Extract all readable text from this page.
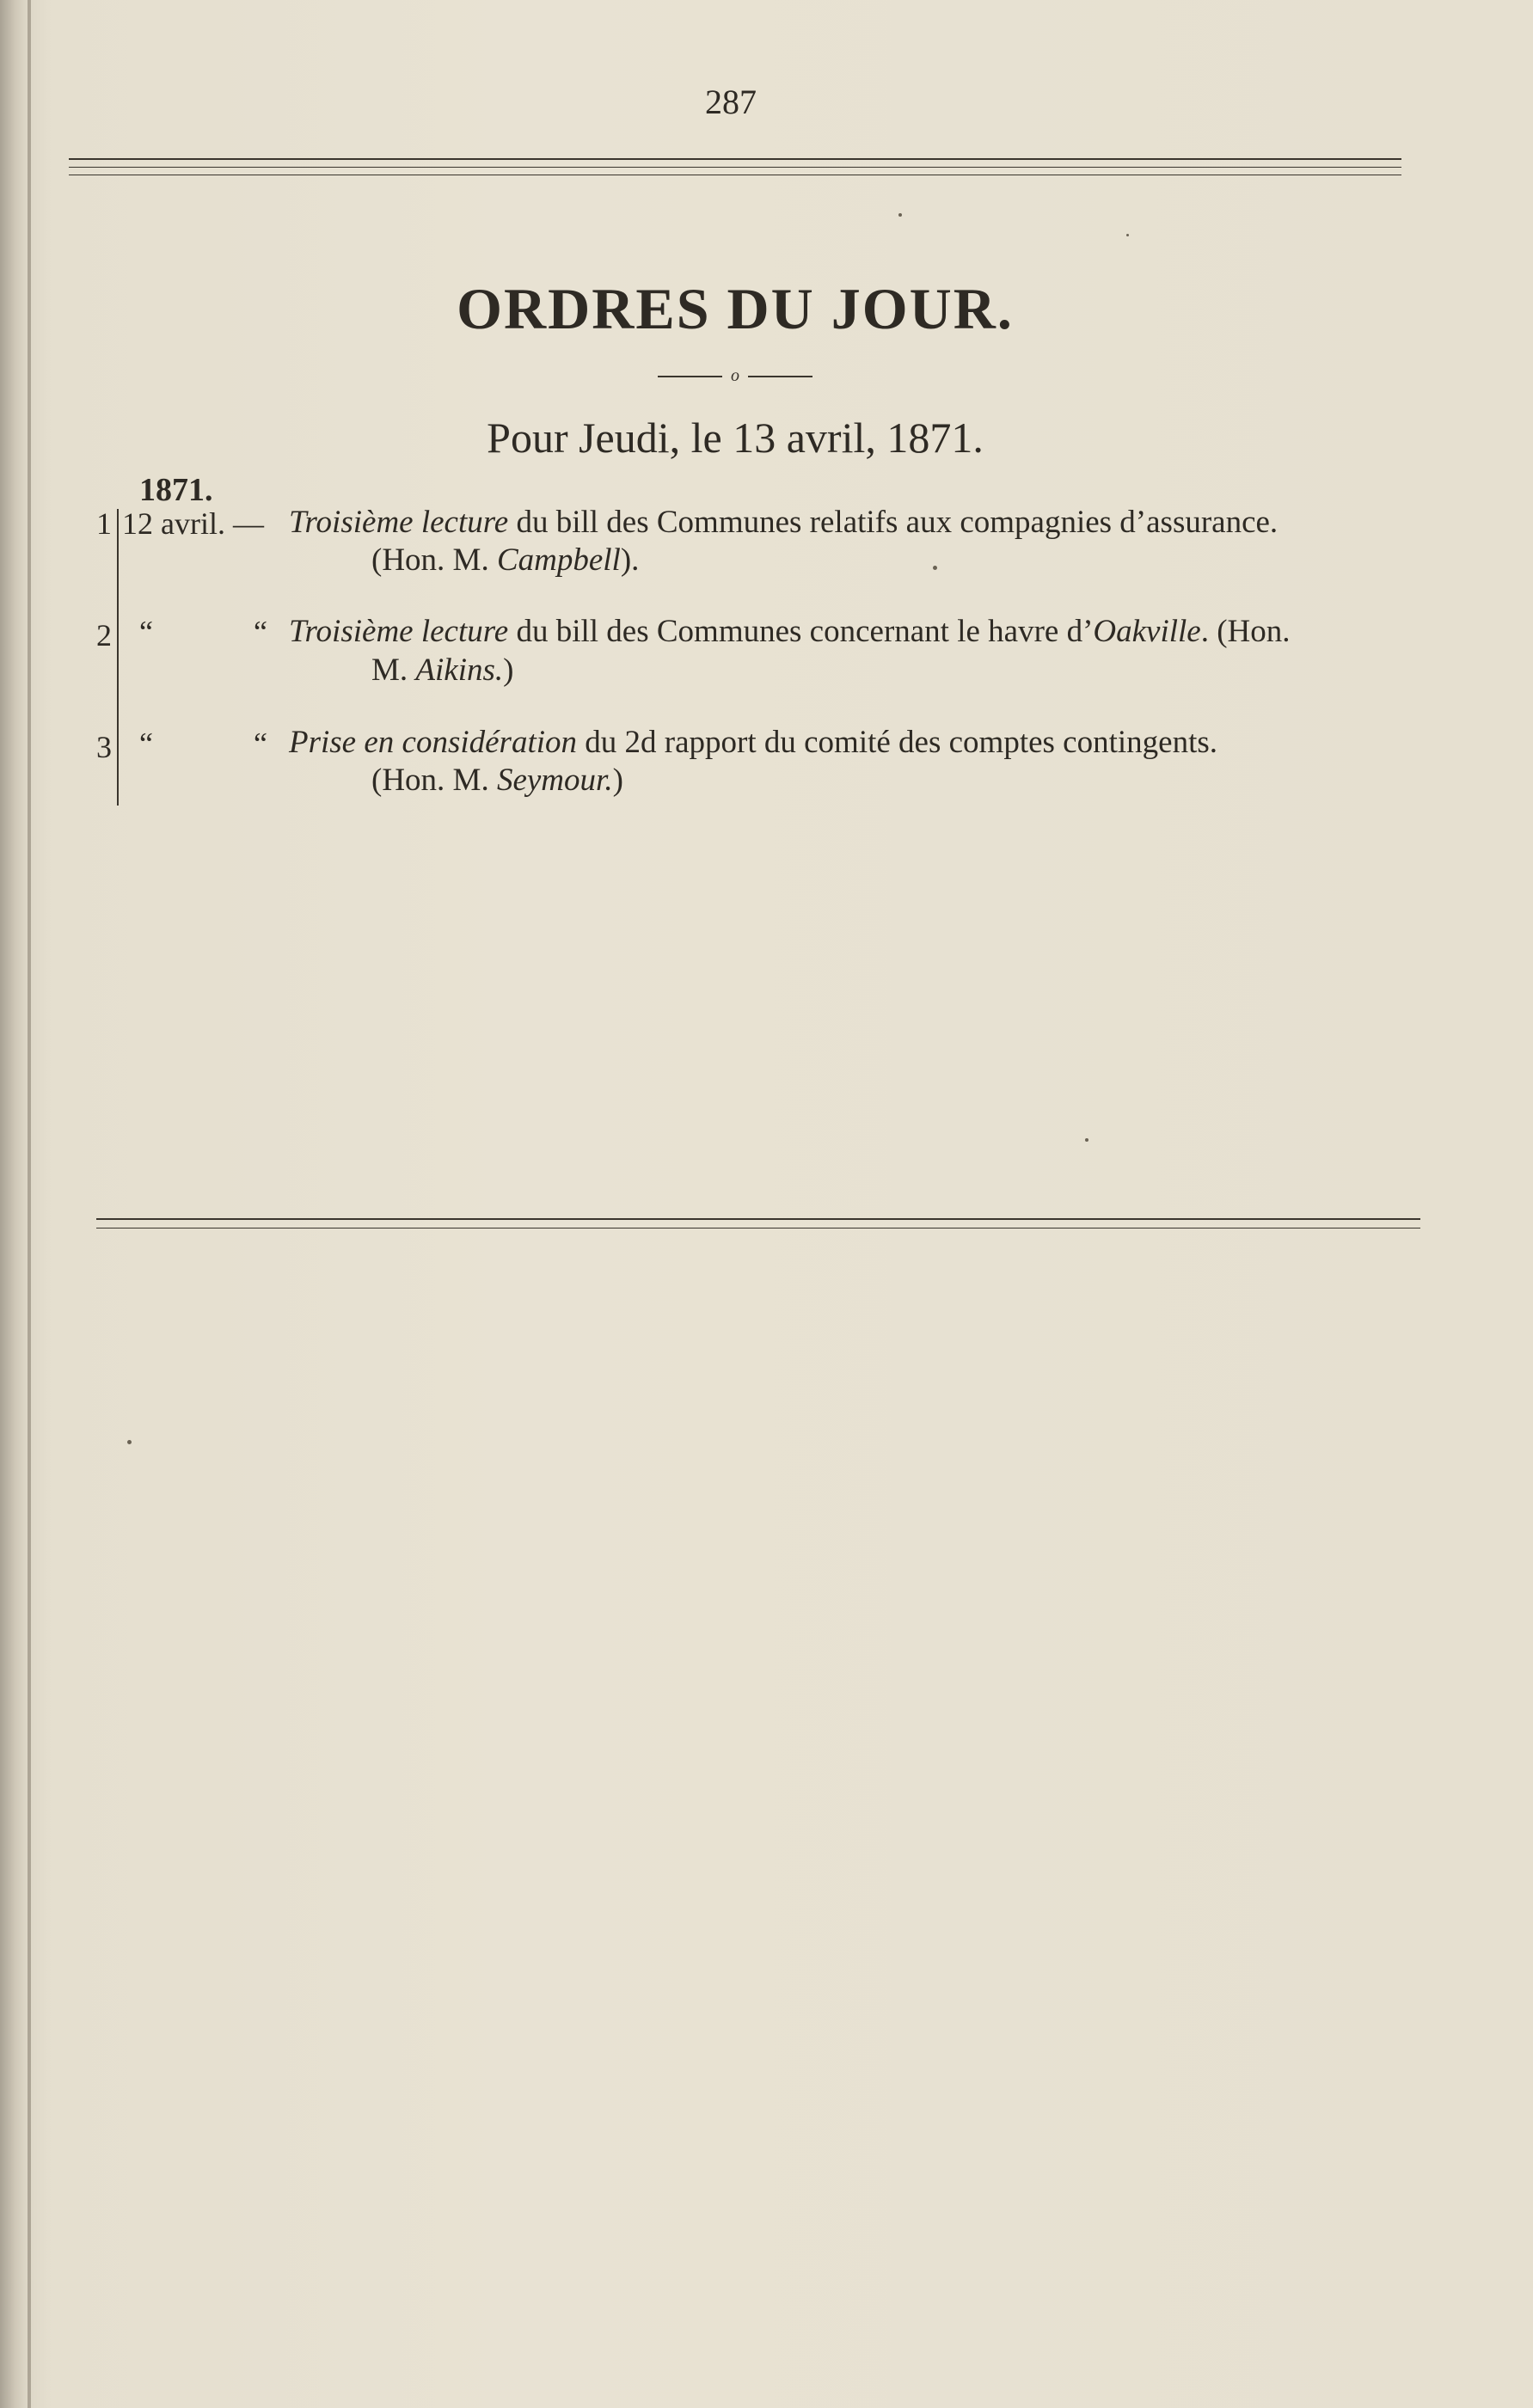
287
ORDRES DU JOUR.
o
Pour Jeudi, le 13 avril, 1871.
1871.
1 12 avril. — Troisième lecture du bill des Communes relatifs aux compagnies d’assurance.
(Hon. M. Campbell).
2 “ “
Troisième lecture du bill des Communes concernant le havre d’Oakville. (Hon.
M. Aikins.)
3 “ “
Prise en considération du 2d rapport du comité des comptes contingents.
(Hon. M. Seymour.)
